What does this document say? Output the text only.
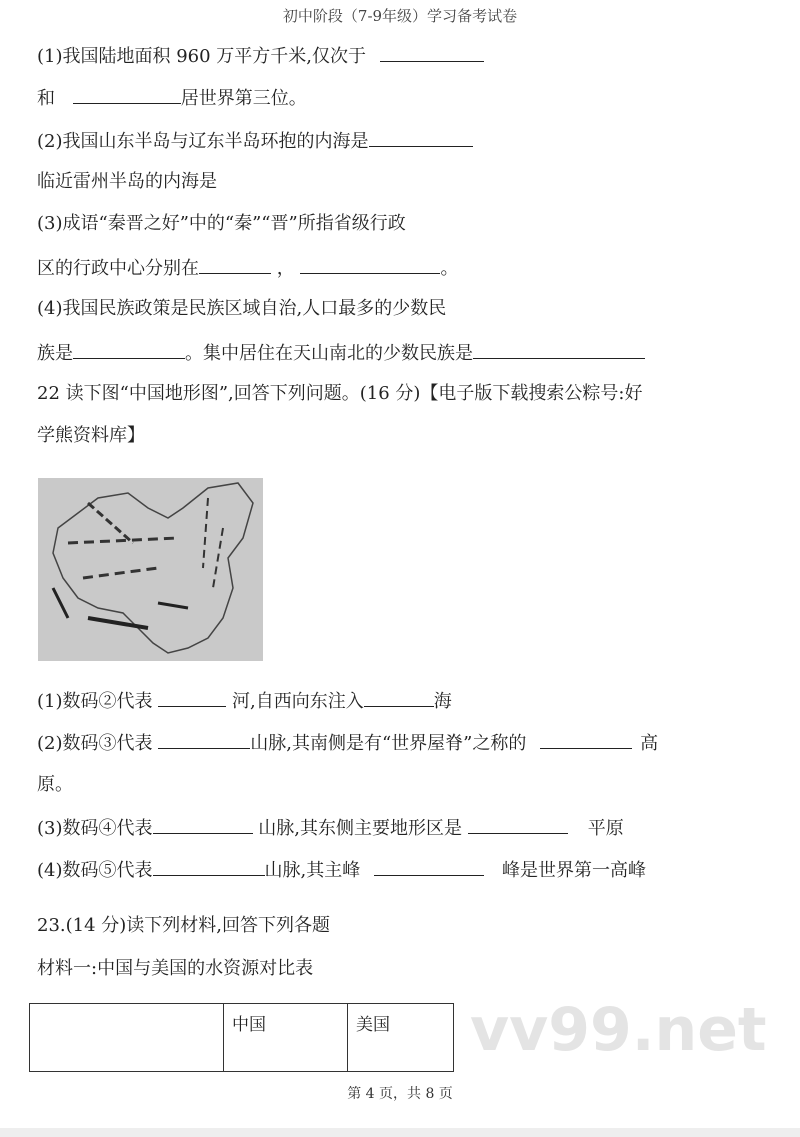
初中阶段（7-9年级）学习备考试卷
(1)我国陆地面积 960 万平方千米,仅次于
和	居世界第三位。
(2)我国山东半岛与辽东半岛环抱的内海是
临近雷州半岛的内海是
(3)成语“秦晋之好”中的“秦”“晋”所指省级行政
区的行政中心分别在	，	。
(4)我国民族政策是民族区域自治,人口最多的少数民
族是	。集中居住在天山南北的少数民族是
22 读下图“中国地形图”,回答下列问题。(16 分)【电子版下载搜索公粽号:好
学熊资料库】
(1)数码②代表	河,自西向东注入	海
(2)数码③代表	山脉,其南侧是有“世界屋脊”之称的	高
原。
(3)数码④代表	山脉,其东侧主要地形区是	平原
(4)数码⑤代表	山脉,其主峰	峰是世界第一高峰
23.(14 分)读下列材料,回答下列各题
材料一:中国与美国的水资源对比表
	中国	美国 vv99.net
第 4 页，共 8 页
